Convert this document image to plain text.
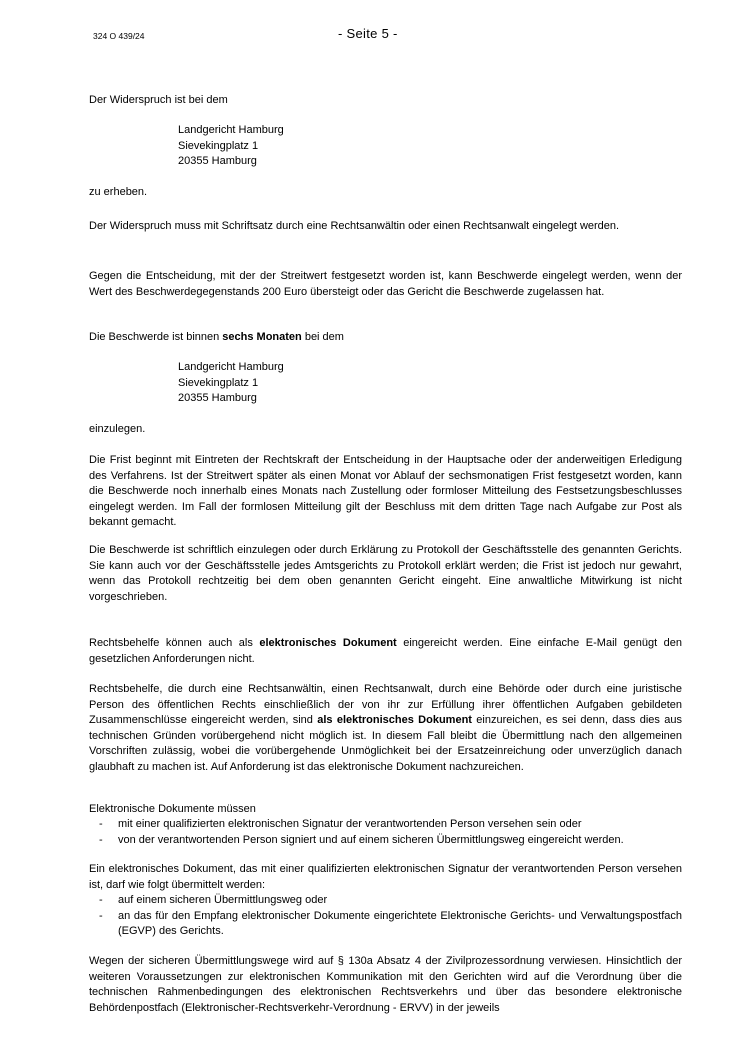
324 O 439/24	- Seite 5 -
Der Widerspruch ist bei dem
Landgericht Hamburg
Sievekingplatz 1
20355 Hamburg
zu erheben.
Der Widerspruch muss mit Schriftsatz durch eine Rechtsanwältin oder einen Rechtsanwalt eingelegt werden.
Gegen die Entscheidung, mit der der Streitwert festgesetzt worden ist, kann Beschwerde eingelegt werden, wenn der Wert des Beschwerdegegenstands 200 Euro übersteigt oder das Gericht die Beschwerde zugelassen hat.
Die Beschwerde ist binnen sechs Monaten bei dem
Landgericht Hamburg
Sievekingplatz 1
20355 Hamburg
einzulegen.
Die Frist beginnt mit Eintreten der Rechtskraft der Entscheidung in der Hauptsache oder der anderweitigen Erledigung des Verfahrens. Ist der Streitwert später als einen Monat vor Ablauf der sechsmonatigen Frist festgesetzt worden, kann die Beschwerde noch innerhalb eines Monats nach Zustellung oder formloser Mitteilung des Festsetzungsbeschlusses eingelegt werden. Im Fall der formlosen Mitteilung gilt der Beschluss mit dem dritten Tage nach Aufgabe zur Post als bekannt gemacht.
Die Beschwerde ist schriftlich einzulegen oder durch Erklärung zu Protokoll der Geschäftsstelle des genannten Gerichts. Sie kann auch vor der Geschäftsstelle jedes Amtsgerichts zu Protokoll erklärt werden; die Frist ist jedoch nur gewahrt, wenn das Protokoll rechtzeitig bei dem oben genannten Gericht eingeht. Eine anwaltliche Mitwirkung ist nicht vorgeschrieben.
Rechtsbehelfe können auch als elektronisches Dokument eingereicht werden. Eine einfache E-Mail genügt den gesetzlichen Anforderungen nicht.
Rechtsbehelfe, die durch eine Rechtsanwältin, einen Rechtsanwalt, durch eine Behörde oder durch eine juristische Person des öffentlichen Rechts einschließlich der von ihr zur Erfüllung ihrer öffentlichen Aufgaben gebildeten Zusammenschlüsse eingereicht werden, sind als elektronisches Dokument einzureichen, es sei denn, dass dies aus technischen Gründen vorübergehend nicht möglich ist. In diesem Fall bleibt die Übermittlung nach den allgemeinen Vorschriften zulässig, wobei die vorübergehende Unmöglichkeit bei der Ersatzeinreichung oder unverzüglich danach glaubhaft zu machen ist. Auf Anforderung ist das elektronische Dokument nachzureichen.
Elektronische Dokumente müssen
- mit einer qualifizierten elektronischen Signatur der verantwortenden Person versehen sein oder
- von der verantwortenden Person signiert und auf einem sicheren Übermittlungsweg eingereicht werden.
Ein elektronisches Dokument, das mit einer qualifizierten elektronischen Signatur der verantwortenden Person versehen ist, darf wie folgt übermittelt werden:
- auf einem sicheren Übermittlungsweg oder
- an das für den Empfang elektronischer Dokumente eingerichtete Elektronische Gerichts- und Verwaltungspostfach (EGVP) des Gerichts.
Wegen der sicheren Übermittlungswege wird auf § 130a Absatz 4 der Zivilprozessordnung verwiesen. Hinsichtlich der weiteren Voraussetzungen zur elektronischen Kommunikation mit den Gerichten wird auf die Verordnung über die technischen Rahmenbedingungen des elektronischen Rechtsverkehrs und über das besondere elektronische Behördenpostfach (Elektronischer-Rechtsverkehr-Verordnung - ERVV) in der jeweils
